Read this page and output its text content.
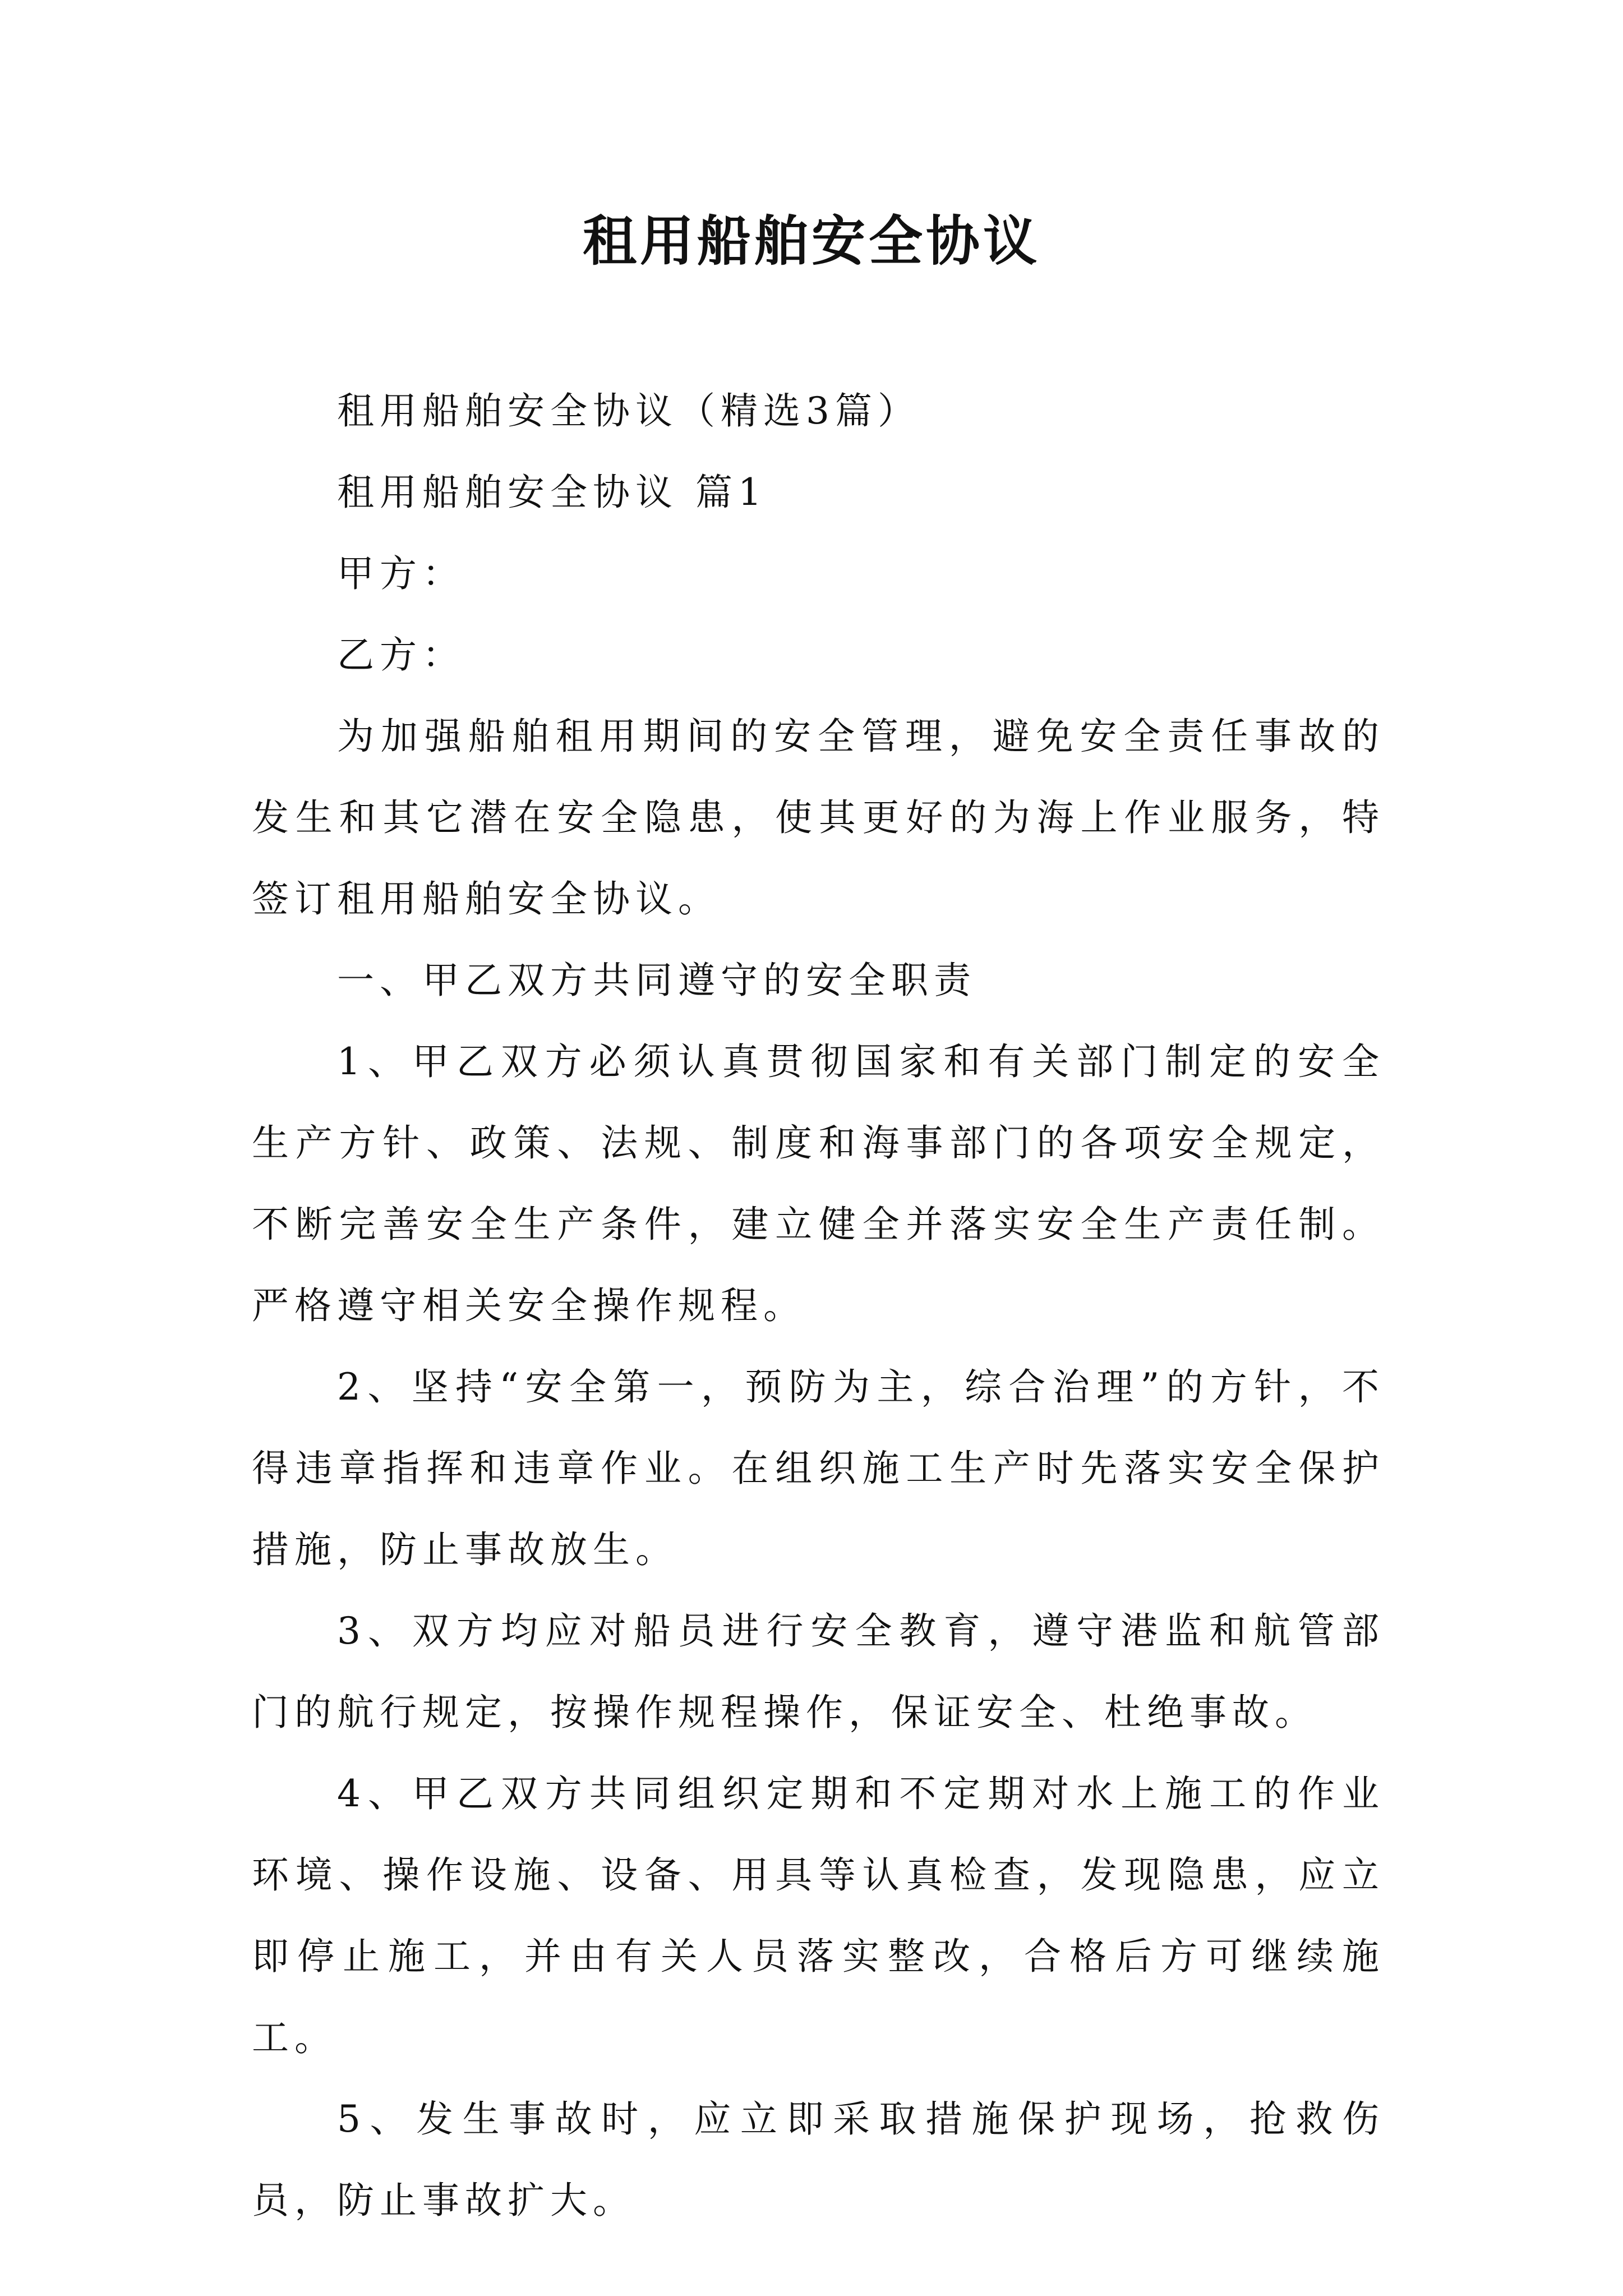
租用船舶安全协议

租用船舶安全协议（精选3篇）

租用船舶安全协议 篇1

甲方：

乙方：

为加强船舶租用期间的安全管理，避免安全责任事故的发生和其它潜在安全隐患，使其更好的为海上作业服务，特签订租用船舶安全协议。

一、甲乙双方共同遵守的安全职责

1、甲乙双方必须认真贯彻国家和有关部门制定的安全生产方针、政策、法规、制度和海事部门的各项安全规定，不断完善安全生产条件，建立健全并落实安全生产责任制。严格遵守相关安全操作规程。

2、坚持“安全第一，预防为主，综合治理”的方针，不得违章指挥和违章作业。在组织施工生产时先落实安全保护措施，防止事故放生。

3、双方均应对船员进行安全教育，遵守港监和航管部门的航行规定，按操作规程操作，保证安全、杜绝事故。

4、甲乙双方共同组织定期和不定期对水上施工的作业环境、操作设施、设备、用具等认真检查，发现隐患，应立即停止施工，并由有关人员落实整改，合格后方可继续施工。

5、发生事故时，应立即采取措施保护现场，抢救伤员，防止事故扩大。
